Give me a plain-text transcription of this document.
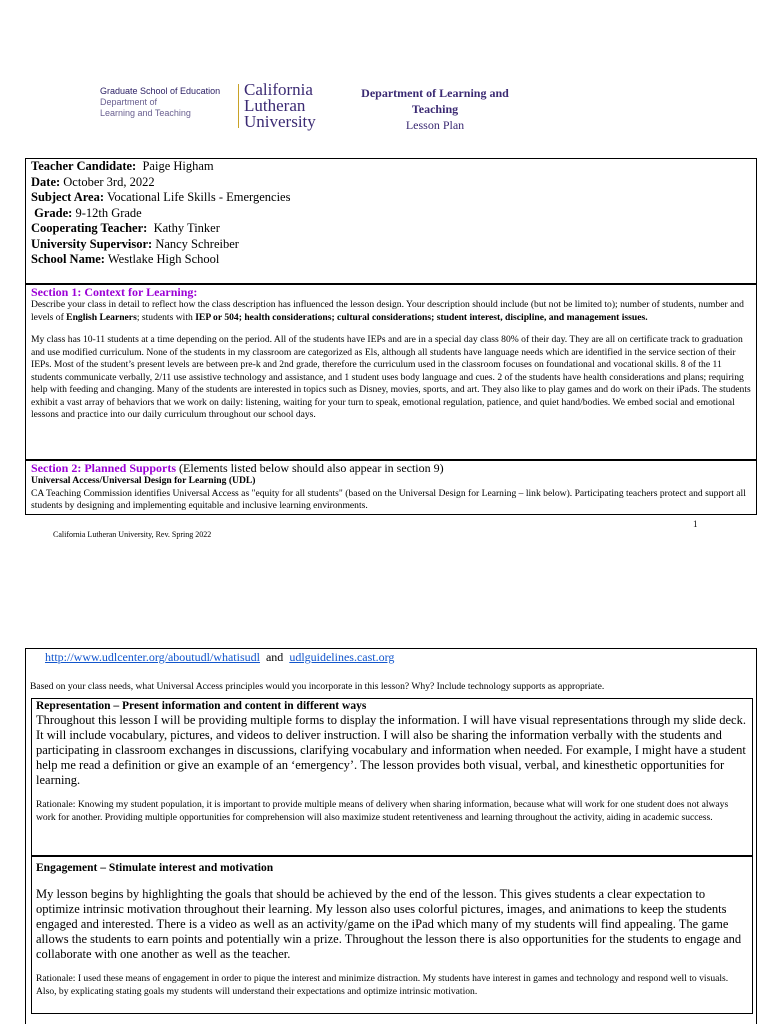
Graduate School of Education
Department of
Learning and Teaching
California
Lutheran
University
Department of Learning and
Teaching
Lesson Plan
Teacher Candidate: Paige Higham
Date: October 3rd, 2022
Subject Area: Vocational Life Skills - Emergencies
Grade: 9-12th Grade
Cooperating Teacher: Kathy Tinker
University Supervisor: Nancy Schreiber
School Name: Westlake High School
Section 1: Context for Learning:

Describe your class in detail to reflect how the class description has influenced the lesson design. Your description should include (but not be limited to); number of students, number and levels of English Learners; students with IEP or 504; health considerations; cultural considerations; student interest, discipline, and management issues.

My class has 10-11 students at a time depending on the period. All of the students have IEPs and are in a special day class 80% of their day. They are all on certificate track to graduation and use modified curriculum. None of the students in my classroom are categorized as Els, although all students have language needs which are identified in the service section of their IEPs. Most of the student’s present levels are between pre-k and 2nd grade, therefore the curriculum used in the classroom focuses on foundational and vocational skills. 8 of the 11 students communicate verbally, 2/11 use assistive technology and assistance, and 1 student uses body language and cues. 2 of the students have health considerations and plans; requiring help with feeding and changing. Many of the students are interested in topics such as Disney, movies, sports, and art. They also like to play games and do work on their iPads. The students exhibit a vast array of behaviors that we work on daily: listening, waiting for your turn to speak, emotional regulation, patience, and quiet hand/bodies. We embed social and emotional lessons and practice into our daily curriculum throughout our school days.

Section 2: Planned Supports (Elements listed below should also appear in section 9)
Universal Access/Universal Design for Learning (UDL)
CA Teaching Commission identifies Universal Access as "equity for all students" (based on the Universal Design for Learning – link below). Participating teachers protect and support all students by designing and implementing equitable and inclusive learning environments.
1
California Lutheran University, Rev. Spring 2022
http://www.udlcenter.org/aboutudl/whatisudl and udlguidelines.cast.org
Based on your class needs, what Universal Access principles would you incorporate in this lesson? Why? Include technology supports as appropriate.
Representation – Present information and content in different ways

Throughout this lesson I will be providing multiple forms to display the information. I will have visual representations through my slide deck. It will include vocabulary, pictures, and videos to deliver instruction. I will also be sharing the information verbally with the students and participating in classroom exchanges in discussions, clarifying vocabulary and information when needed. For example, I might have a student help me read a definition or give an example of an ‘emergency’. The lesson provides both visual, verbal, and kinesthetic opportunities for learning.

Rationale: Knowing my student population, it is important to provide multiple means of delivery when sharing information, because what will work for one student does not always work for another. Providing multiple opportunities for comprehension will also maximize student retentiveness and learning throughout the activity, aiding in academic success.

Engagement – Stimulate interest and motivation

My lesson begins by highlighting the goals that should be achieved by the end of the lesson. This gives students a clear expectation to optimize intrinsic motivation throughout their learning. My lesson also uses colorful pictures, images, and animations to keep the students engaged and interested. There is a video as well as an activity/game on the iPad which many of my students will find appealing. The game allows the students to earn points and potentially win a prize. Throughout the lesson there is also opportunities for the students to engage and collaborate with one another as well as the teacher.

Rationale: I used these means of engagement in order to pique the interest and minimize distraction. My students have interest in games and technology and respond well to visuals. Also, by explicating stating goals my students will understand their expectations and optimize intrinsic motivation.
